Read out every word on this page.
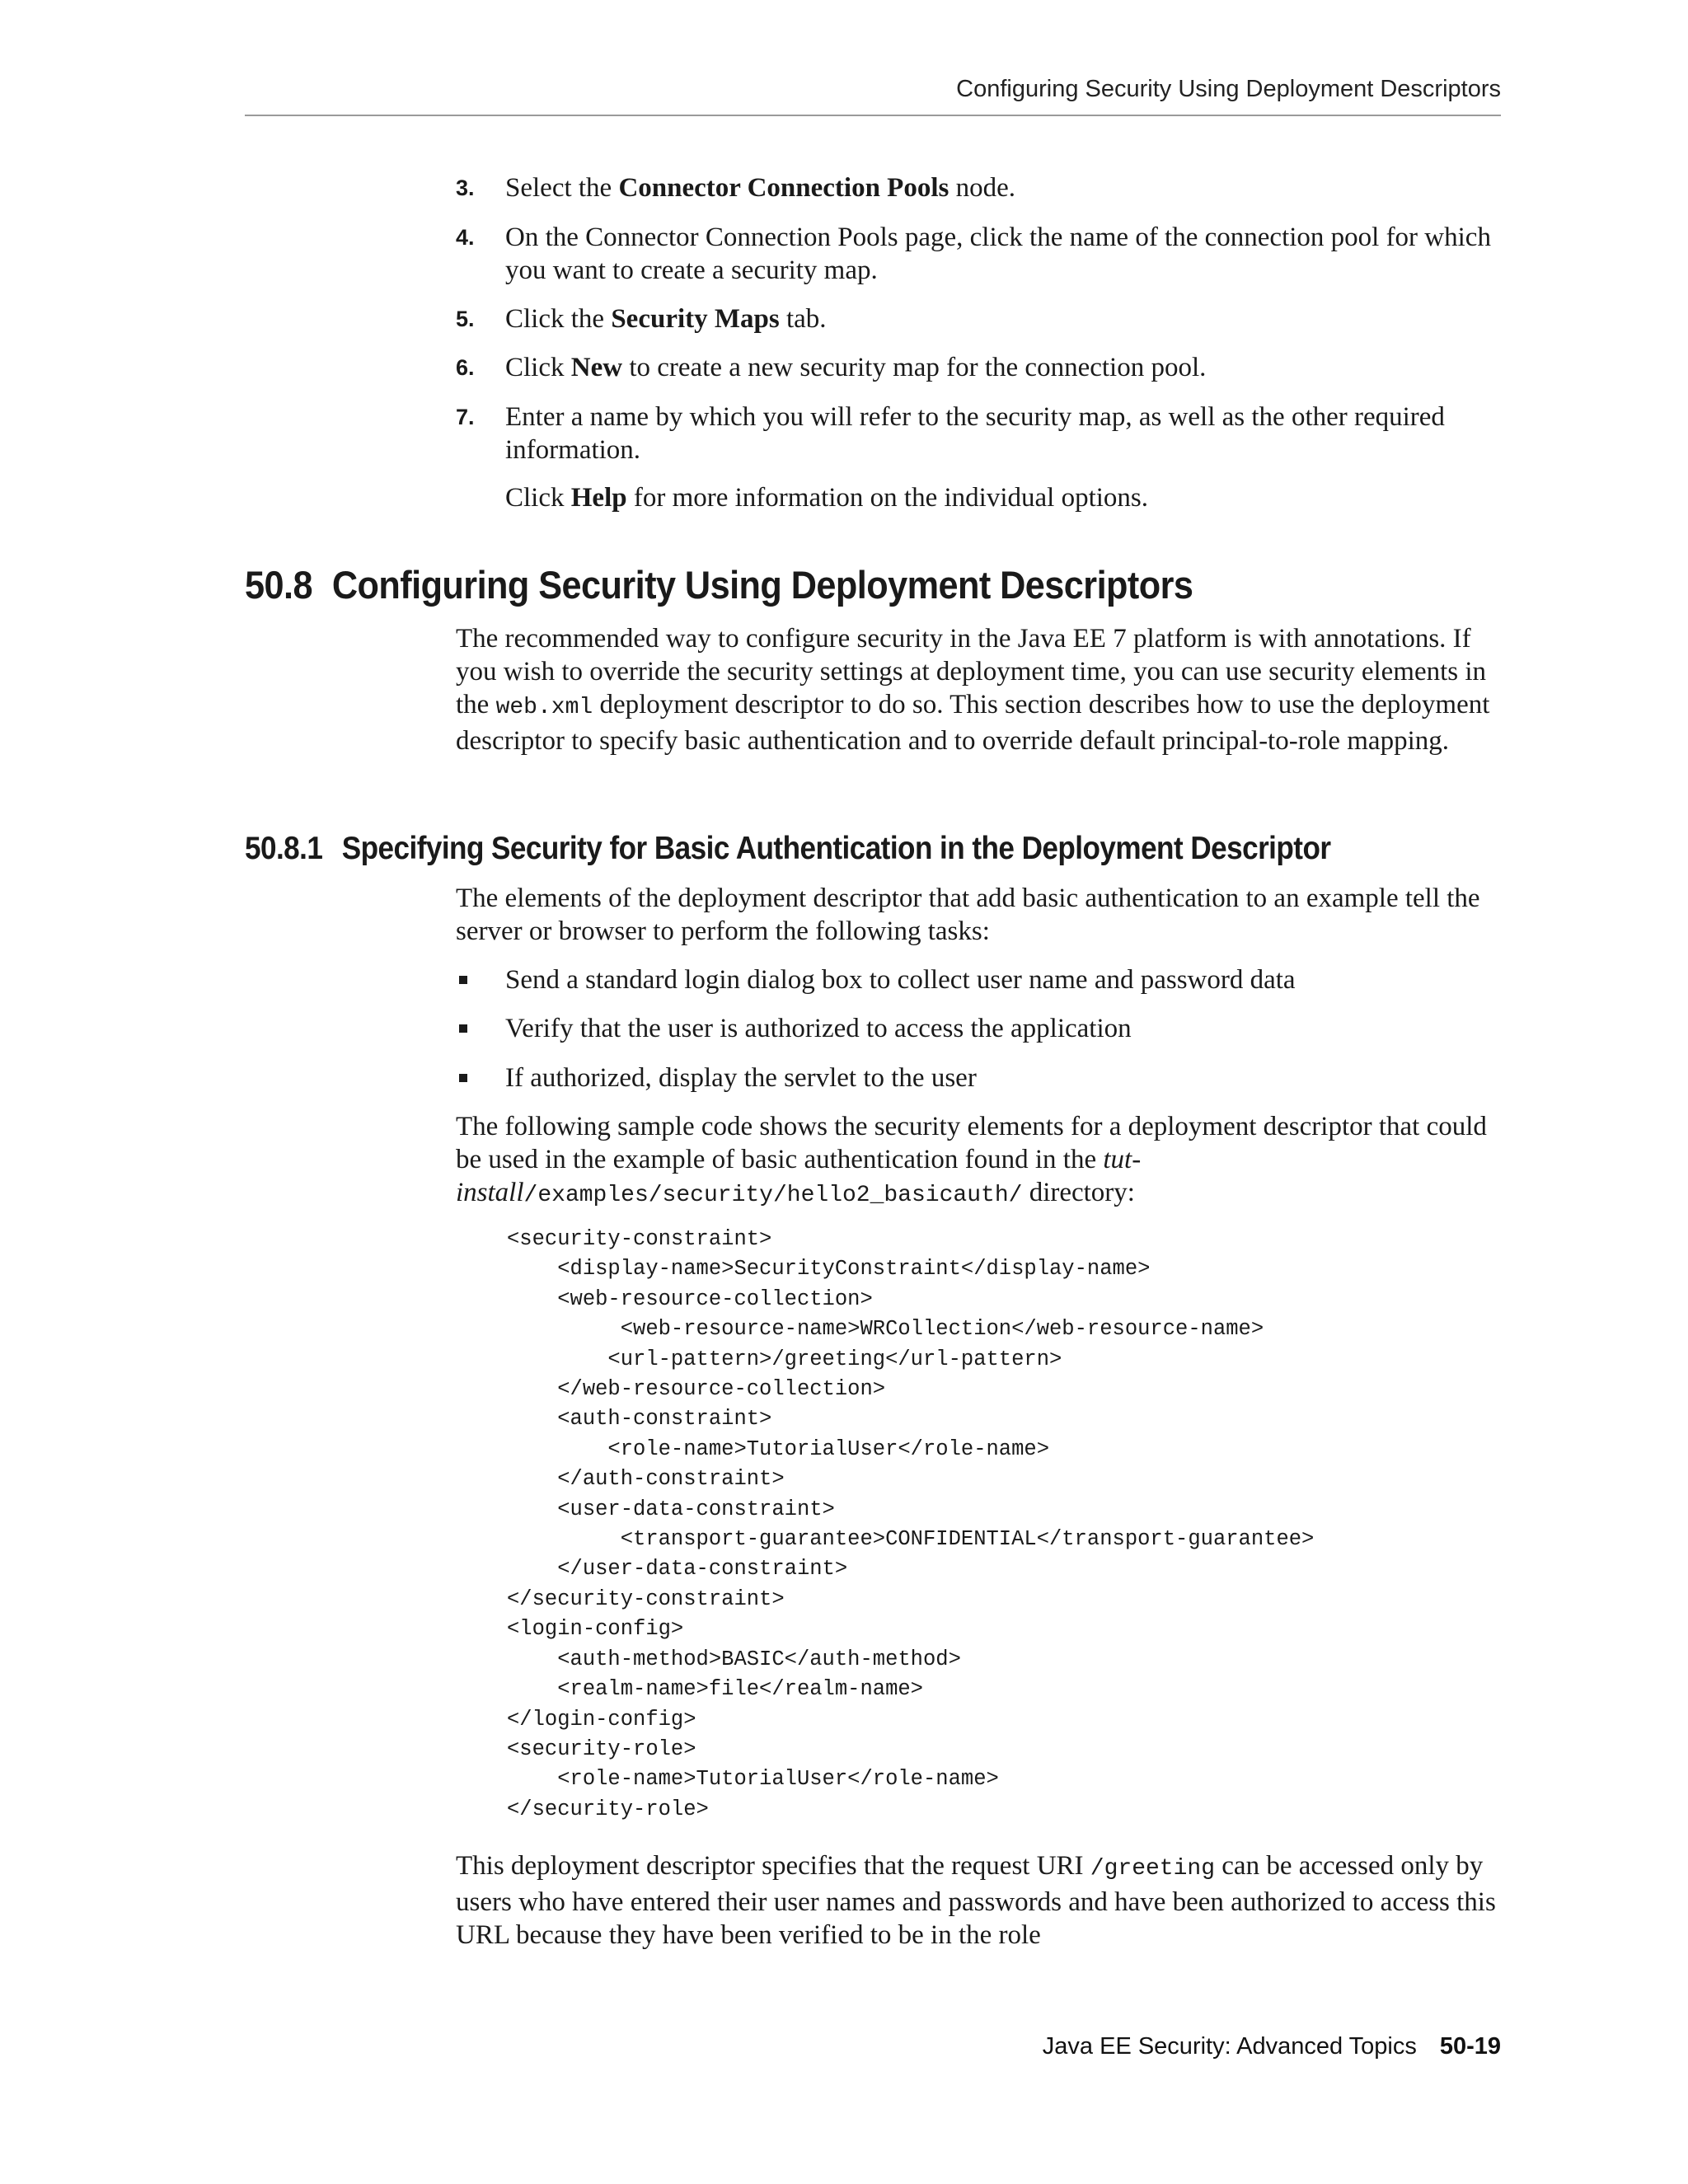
Configuring Security Using Deployment Descriptors
3. Select the Connector Connection Pools node.
4. On the Connector Connection Pools page, click the name of the connection pool for which you want to create a security map.
5. Click the Security Maps tab.
6. Click New to create a new security map for the connection pool.
7. Enter a name by which you will refer to the security map, as well as the other required information.
Click Help for more information on the individual options.
50.8 Configuring Security Using Deployment Descriptors
The recommended way to configure security in the Java EE 7 platform is with annotations. If you wish to override the security settings at deployment time, you can use security elements in the web.xml deployment descriptor to do so. This section describes how to use the deployment descriptor to specify basic authentication and to override default principal-to-role mapping.
50.8.1 Specifying Security for Basic Authentication in the Deployment Descriptor
The elements of the deployment descriptor that add basic authentication to an example tell the server or browser to perform the following tasks:
Send a standard login dialog box to collect user name and password data
Verify that the user is authorized to access the application
If authorized, display the servlet to the user
The following sample code shows the security elements for a deployment descriptor that could be used in the example of basic authentication found in the tut-install/examples/security/hello2_basicauth/ directory:
<security-constraint>
<display-name>SecurityConstraint</display-name>
<web-resource-collection>
<web-resource-name>WRCollection</web-resource-name>
<url-pattern>/greeting</url-pattern>
</web-resource-collection>
<auth-constraint>
<role-name>TutorialUser</role-name>
</auth-constraint>
<user-data-constraint>
<transport-guarantee>CONFIDENTIAL</transport-guarantee>
</user-data-constraint>
</security-constraint>
<login-config>
<auth-method>BASIC</auth-method>
<realm-name>file</realm-name>
</login-config>
<security-role>
<role-name>TutorialUser</role-name>
</security-role>
This deployment descriptor specifies that the request URI /greeting can be accessed only by users who have entered their user names and passwords and have been authorized to access this URL because they have been verified to be in the role
Java EE Security: Advanced Topics 50-19
